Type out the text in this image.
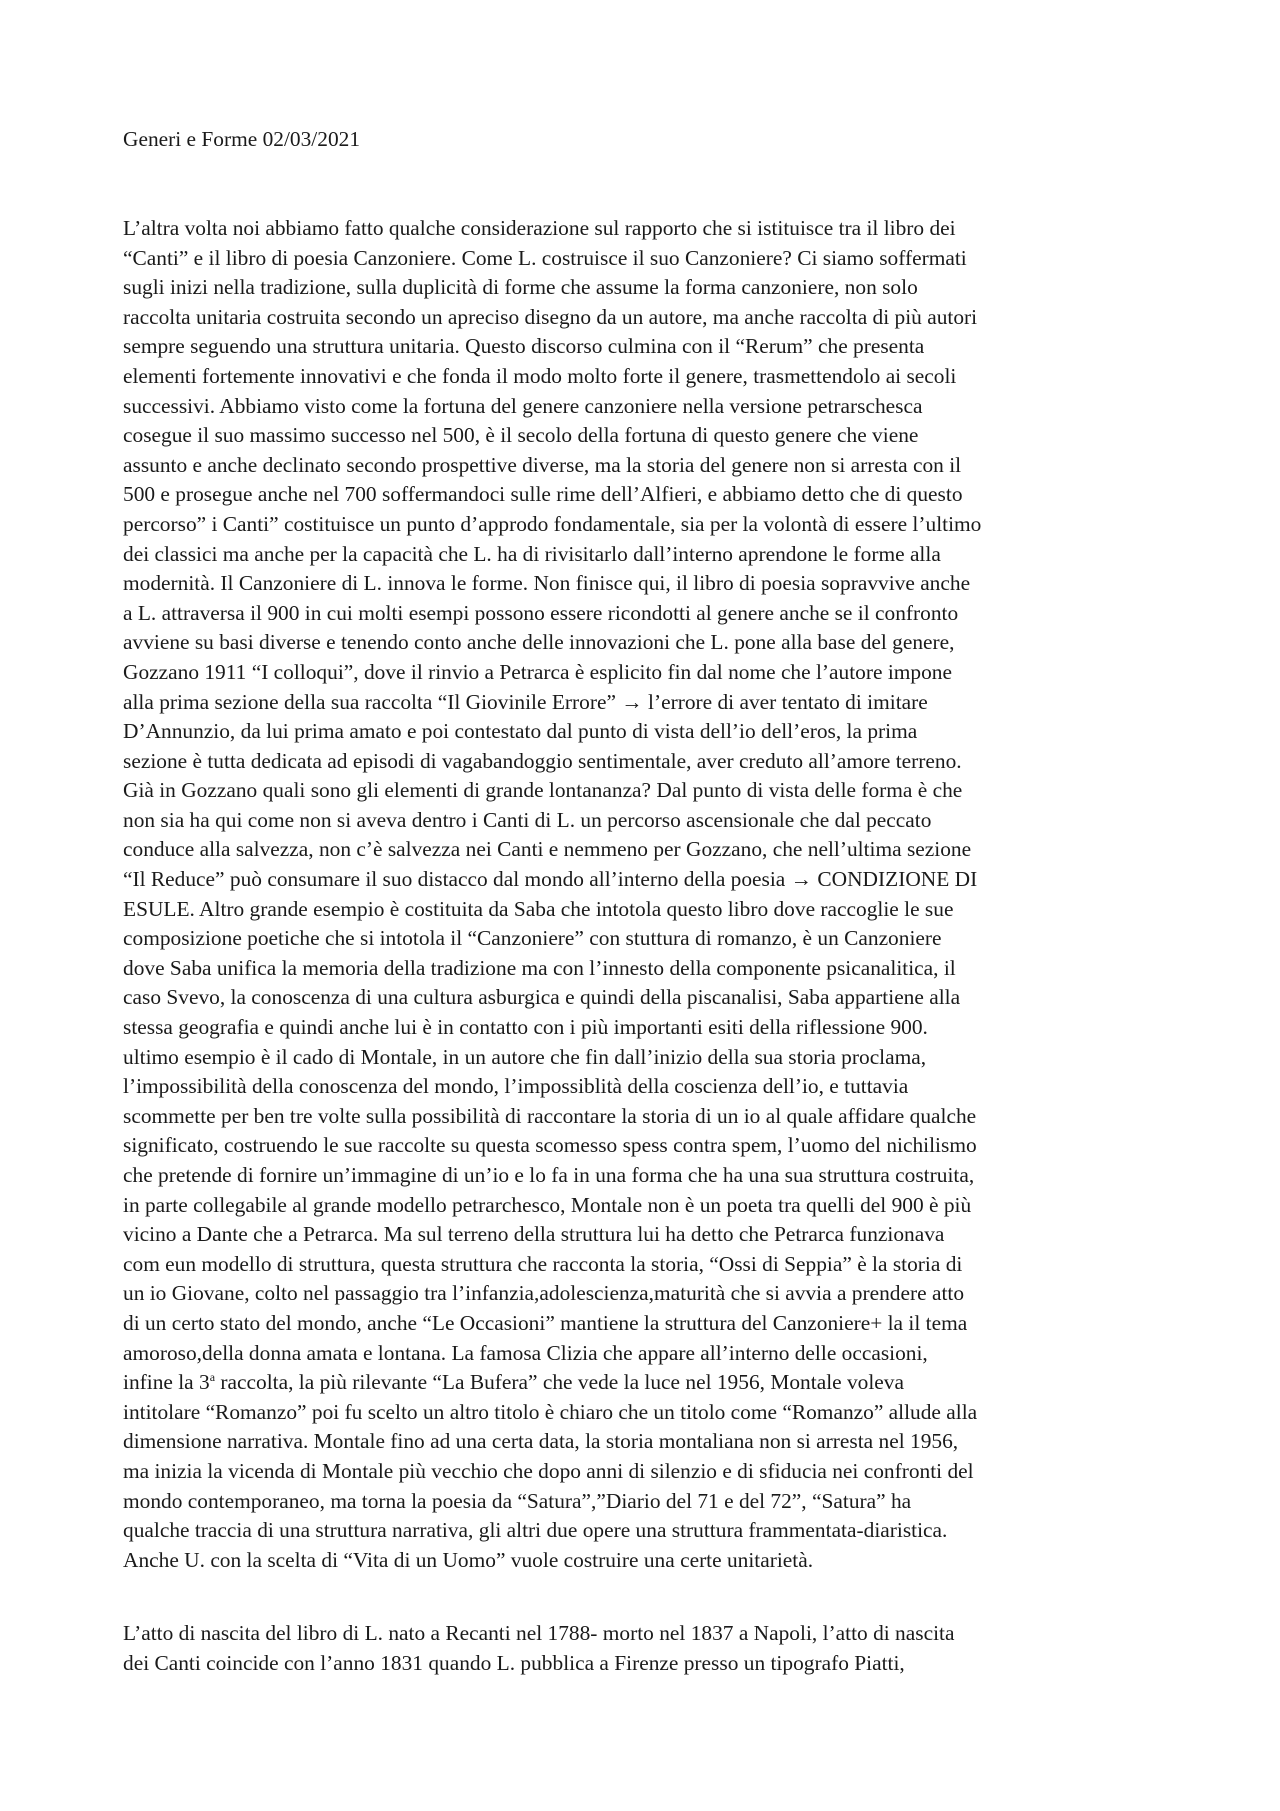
Generi e Forme 02/03/2021
L’altra volta noi abbiamo fatto qualche considerazione sul rapporto che si istituisce tra il libro dei
“Canti” e il libro di poesia Canzoniere. Come L. costruisce il suo Canzoniere? Ci siamo soffermati
sugli inizi nella tradizione, sulla duplicità di forme che assume la forma canzoniere, non solo
raccolta unitaria costruita secondo un apreciso disegno da un autore, ma anche raccolta di più autori
sempre seguendo una struttura unitaria. Questo discorso culmina con il “Rerum” che presenta
elementi fortemente innovativi e che fonda il modo molto forte il genere, trasmettendolo ai secoli
successivi. Abbiamo visto come la fortuna del genere canzoniere nella versione petrarschesca
cosegue il suo massimo successo nel 500, è il secolo della fortuna di questo genere che viene
assunto e anche declinato secondo prospettive diverse, ma la storia del genere non si arresta con il
500 e prosegue anche nel 700 soffermandoci sulle rime dell’Alfieri, e abbiamo detto che di questo
percorso” i Canti” costituisce un punto d’approdo fondamentale, sia per la volontà di essere l’ultimo
dei classici ma anche per la capacità che L. ha di rivisitarlo dall’interno aprendone le forme alla
modernità. Il Canzoniere di L. innova le forme. Non finisce qui, il libro di poesia sopravvive anche
a L. attraversa il 900 in cui molti esempi possono essere ricondotti al genere anche se il confronto
avviene su basi diverse e tenendo conto anche delle innovazioni che L. pone alla base del genere,
Gozzano 1911 “I colloqui”, dove il rinvio a Petrarca è esplicito fin dal nome che l’autore impone
alla prima sezione della sua raccolta “Il Giovinile Errore” → l’errore di aver tentato di imitare
D’Annunzio, da lui prima amato e poi contestato dal punto di vista dell’io dell’eros, la prima
sezione è tutta dedicata ad episodi di vagabandoggio sentimentale, aver creduto all’amore terreno.
Già in Gozzano quali sono gli elementi di grande lontananza? Dal punto di vista delle forma è che
non sia ha qui come non si aveva dentro i Canti di L. un percorso ascensionale che dal peccato
conduce alla salvezza, non c’è salvezza nei Canti e nemmeno per Gozzano, che nell’ultima sezione
“Il Reduce” può consumare il suo distacco dal mondo all’interno della poesia → CONDIZIONE DI
ESULE. Altro grande esempio è costituita da Saba che intotola questo libro dove raccoglie le sue
composizione poetiche che si intotola il “Canzoniere” con stuttura di romanzo, è un Canzoniere
dove Saba unifica la memoria della tradizione ma con l’innesto della componente psicanalitica, il
caso Svevo, la conoscenza di una cultura asburgica e quindi della piscanalisi, Saba appartiene alla
stessa geografia e quindi anche lui è in contatto con i più importanti esiti della riflessione 900.
ultimo esempio è il cado di Montale, in un autore che fin dall’inizio della sua storia proclama,
l’impossibilità della conoscenza del mondo, l’impossiblità della coscienza dell’io, e tuttavia
scommette per ben tre volte sulla possibilità di raccontare la storia di un io al quale affidare qualche
significato, costruendo le sue raccolte su questa scomesso spess contra spem, l’uomo del nichilismo
che pretende di fornire un’immagine di un’io e lo fa in una forma che ha una sua struttura costruita,
in parte collegabile al grande modello petrarchesco, Montale non è un poeta tra quelli del 900 è più
vicino a Dante che a Petrarca. Ma sul terreno della struttura lui ha detto che Petrarca funzionava
com eun modello di struttura, questa struttura che racconta la storia, “Ossi di Seppia” è la storia di
un io Giovane, colto nel passaggio tra l’infanzia,adolescienza,maturità che si avvia a prendere atto
di un certo stato del mondo, anche “Le Occasioni” mantiene la struttura del Canzoniere+ la il tema
amoroso,della donna amata e lontana. La famosa Clizia che appare all’interno delle occasioni,
infine la 3$^a$ raccolta, la più rilevante “La Bufera” che vede la luce nel 1956, Montale voleva
intitolare “Romanzo” poi fu scelto un altro titolo è chiaro che un titolo come “Romanzo” allude alla
dimensione narrativa. Montale fino ad una certa data, la storia montaliana non si arresta nel 1956,
ma inizia la vicenda di Montale più vecchio che dopo anni di silenzio e di sfiducia nei confronti del
mondo contemporaneo, ma torna la poesia da “Satura”,”Diario del 71 e del 72”, “Satura” ha
qualche traccia di una struttura narrativa, gli altri due opere una struttura frammentata-diaristica.
Anche U. con la scelta di “Vita di un Uomo” vuole costruire una certe unitarietà.
L’atto di nascita del libro di L. nato a Recanti nel 1788- morto nel 1837 a Napoli, l’atto di nascita
dei Canti coincide con l’anno 1831 quando L. pubblica a Firenze presso un tipografo Piatti,
